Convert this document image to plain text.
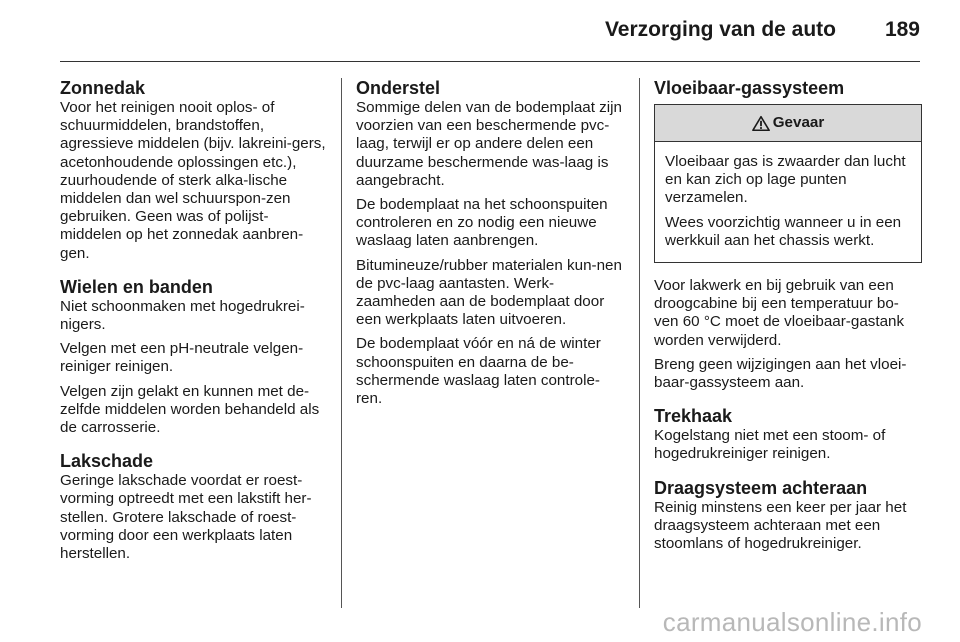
Verzorging van de auto 189
Zonnedak

Voor het reinigen nooit oplos- of schuurmiddelen, brandstoffen, agressieve middelen (bijv. lakreini-gers, acetonhoudende oplossingen etc.), zuurhoudende of sterk alka-lische middelen dan wel schuurspon-zen gebruiken. Geen was of polijst-middelen op het zonnedak aanbren-gen.

Wielen en banden

Niet schoonmaken met hogedrukrei-nigers.

Velgen met een pH-neutrale velgen-reiniger reinigen.

Velgen zijn gelakt en kunnen met de-zelfde middelen worden behandeld als de carrosserie.

Lakschade

Geringe lakschade voordat er roest-vorming optreedt met een lakstift her-stellen. Grotere lakschade of roest-vorming door een werkplaats laten herstellen.

Onderstel

Sommige delen van de bodemplaat zijn voorzien van een beschermende pvc-laag, terwijl er op andere delen een duurzame beschermende was-laag is aangebracht.

De bodemplaat na het schoonspuiten controleren en zo nodig een nieuwe waslaag laten aanbrengen.

Bitumineuze/rubber materialen kun-nen de pvc-laag aantasten. Werk-zaamheden aan de bodemplaat door een werkplaats laten uitvoeren.

De bodemplaat vóór en ná de winter schoonspuiten en daarna de be-schermende waslaag laten controle-ren.

Vloeibaar-gassysteem
Gevaar

Vloeibaar gas is zwaarder dan lucht en kan zich op lage punten verzamelen.

Wees voorzichtig wanneer u in een werkkuil aan het chassis werkt.

Voor lakwerk en bij gebruik van een droogcabine bij een temperatuur bo-ven 60 °C moet de vloeibaar-gastank worden verwijderd.

Breng geen wijzigingen aan het vloei-baar-gassysteem aan.

Trekhaak

Kogelstang niet met een stoom- of hogedrukreiniger reinigen.

Draagsysteem achteraan

Reinig minstens een keer per jaar het draagsysteem achteraan met een stoomlans of hogedrukreiniger.

carmanualsonline.info
